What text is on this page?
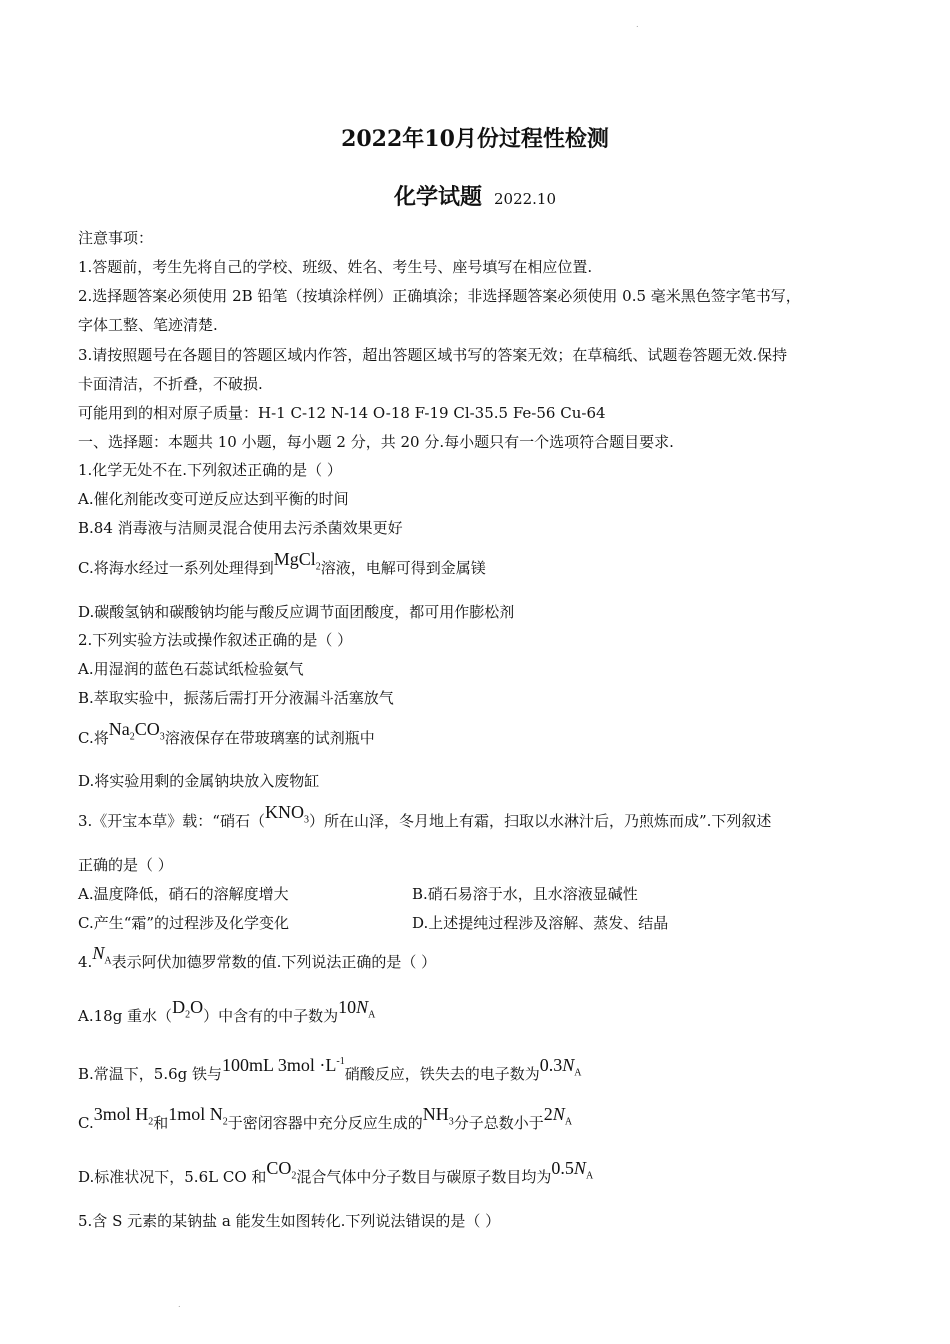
.
2022年10月份过程性检测
化学试题 2022.10
注意事项：
1.答题前，考生先将自己的学校、班级、姓名、考生号、座号填写在相应位置.
2.选择题答案必须使用 2B 铅笔（按填涂样例）正确填涂；非选择题答案必须使用 0.5 毫米黑色签字笔书写，
字体工整、笔迹清楚.
3.请按照题号在各题目的答题区域内作答，超出答题区域书写的答案无效；在草稿纸、试题卷答题无效.保持
卡面清洁，不折叠，不破损.
可能用到的相对原子质量：H-1 C-12 N-14 O-18 F-19 Cl-35.5 Fe-56 Cu-64
一、选择题：本题共 10 小题，每小题 2 分，共 20 分.每小题只有一个选项符合题目要求.
1.化学无处不在.下列叙述正确的是（ ）
A.催化剂能改变可逆反应达到平衡的时间
B.84 消毒液与洁厕灵混合使用去污杀菌效果更好
C.将海水经过一系列处理得到MgCl$_2$溶液，电解可得到金属镁
D.碳酸氢钠和碳酸钠均能与酸反应调节面团酸度，都可用作膨松剂
2.下列实验方法或操作叙述正确的是（ ）
A.用湿润的蓝色石蕊试纸检验氨气
B.萃取实验中，振荡后需打开分液漏斗活塞放气
C.将$Na_2CO_3$溶液保存在带玻璃塞的试剂瓶中
D.将实验用剩的金属钠块放入废物缸
3.《开宝本草》载：“硝石$(KNO_3)$所在山泽，冬月地上有霜，扫取以水淋汁后，乃煎炼而成”.下列叙述
正确的是（ ）
A.温度降低，硝石的溶解度增大	B.硝石易溶于水，且水溶液显碱性
C.产生“霜”的过程涉及化学变化	D.上述提纯过程涉及溶解、蒸发、结晶
$4.N_A$表示阿伏加德罗常数的值.下列说法正确的是（ ）
A.18g 重水$(D_2O)$中含有的中子数为$10N_A$
B.常温下，5.6g 铁与100mL $3mol \cdot L^{-1}$硝酸反应，铁失去的电子数为$0.3N_A$
C.3mol $H_2$和1mol $N_2$于密闭容器中充分反应生成的$NH_3$分子总数小于$2N_A$
D.标准状况下，5.6L CO 和$CO_2$混合气体中分子数目与碳原子数目均为$0.5N_A$
5.含 S 元素的某钠盐 a 能发生如图转化.下列说法错误的是（ ）
.
